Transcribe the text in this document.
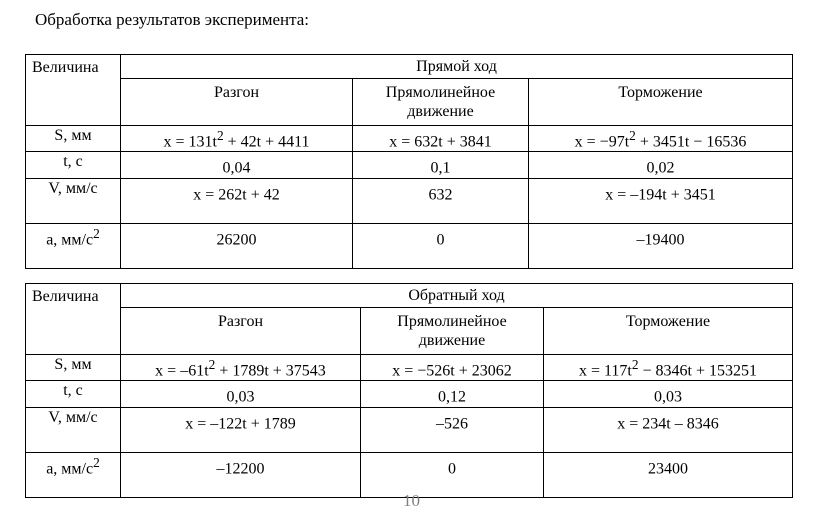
Обработка результатов эксперимента:
Величина	Прямой ход		
	Разгон	Прямолинейное движение	Торможение
S, мм	$x = 131t^2 + 42t + 4411$	x = 632t + 3841	$x = -97t^2 + 3451t - 16536$
t, с	0,04	0,1	0,02
V, мм/с	x = 262t + 42	632	x = –194t + 3451
a, $мм/с^2$	26200	0	–19400
Величина	Обратный ход		
	Разгон	Прямолинейное движение	Торможение
S, мм	$x = -61t^2 + 1789t + 37543$	x = −526t + 23062	$x = 117t^2 - 8346t + 153251$
t, с	0,03	0,12	0,03
V, мм/с	x = –122t + 1789	–526	x = 234t – 8346
a, $мм/с^2$	–12200	0	23400
10
